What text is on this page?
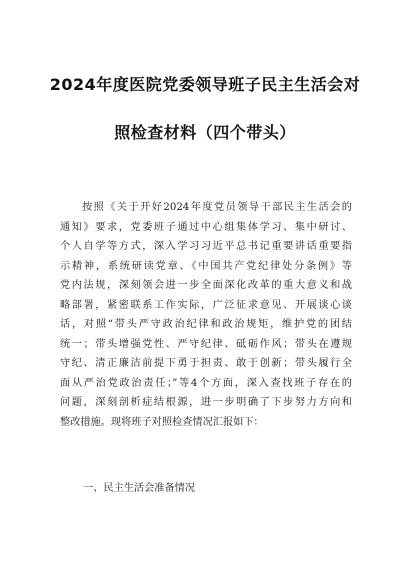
2024年度医院党委领导班子民主生活会对
照检查材料（四个带头）
按照《关于开好2024年度党员领导干部民主生活会的
通知》要求，党委班子通过中心组集体学习、集中研讨、
个人自学等方式，深入学习习近平总书记重要讲话重要指
示精神，系统研读党章、《中国共产党纪律处分条例》等
党内法规，深刻领会进一步全面深化改革的重大意义和战
略部署，紧密联系工作实际，广泛征求意见、开展谈心谈
话，对照“带头严守政治纪律和政治规矩，维护党的团结
统一；带头增强党性、严守纪律、砥砺作风；带头在遵规
守纪、清正廉洁前提下勇于担责、敢于创新；带头履行全
面从严治党政治责任；”等4个方面，深入查找班子存在的
问题，深刻剖析症结根源，进一步明确了下步努力方向和
整改措施。现将班子对照检查情况汇报如下：
一、民主生活会准备情况
